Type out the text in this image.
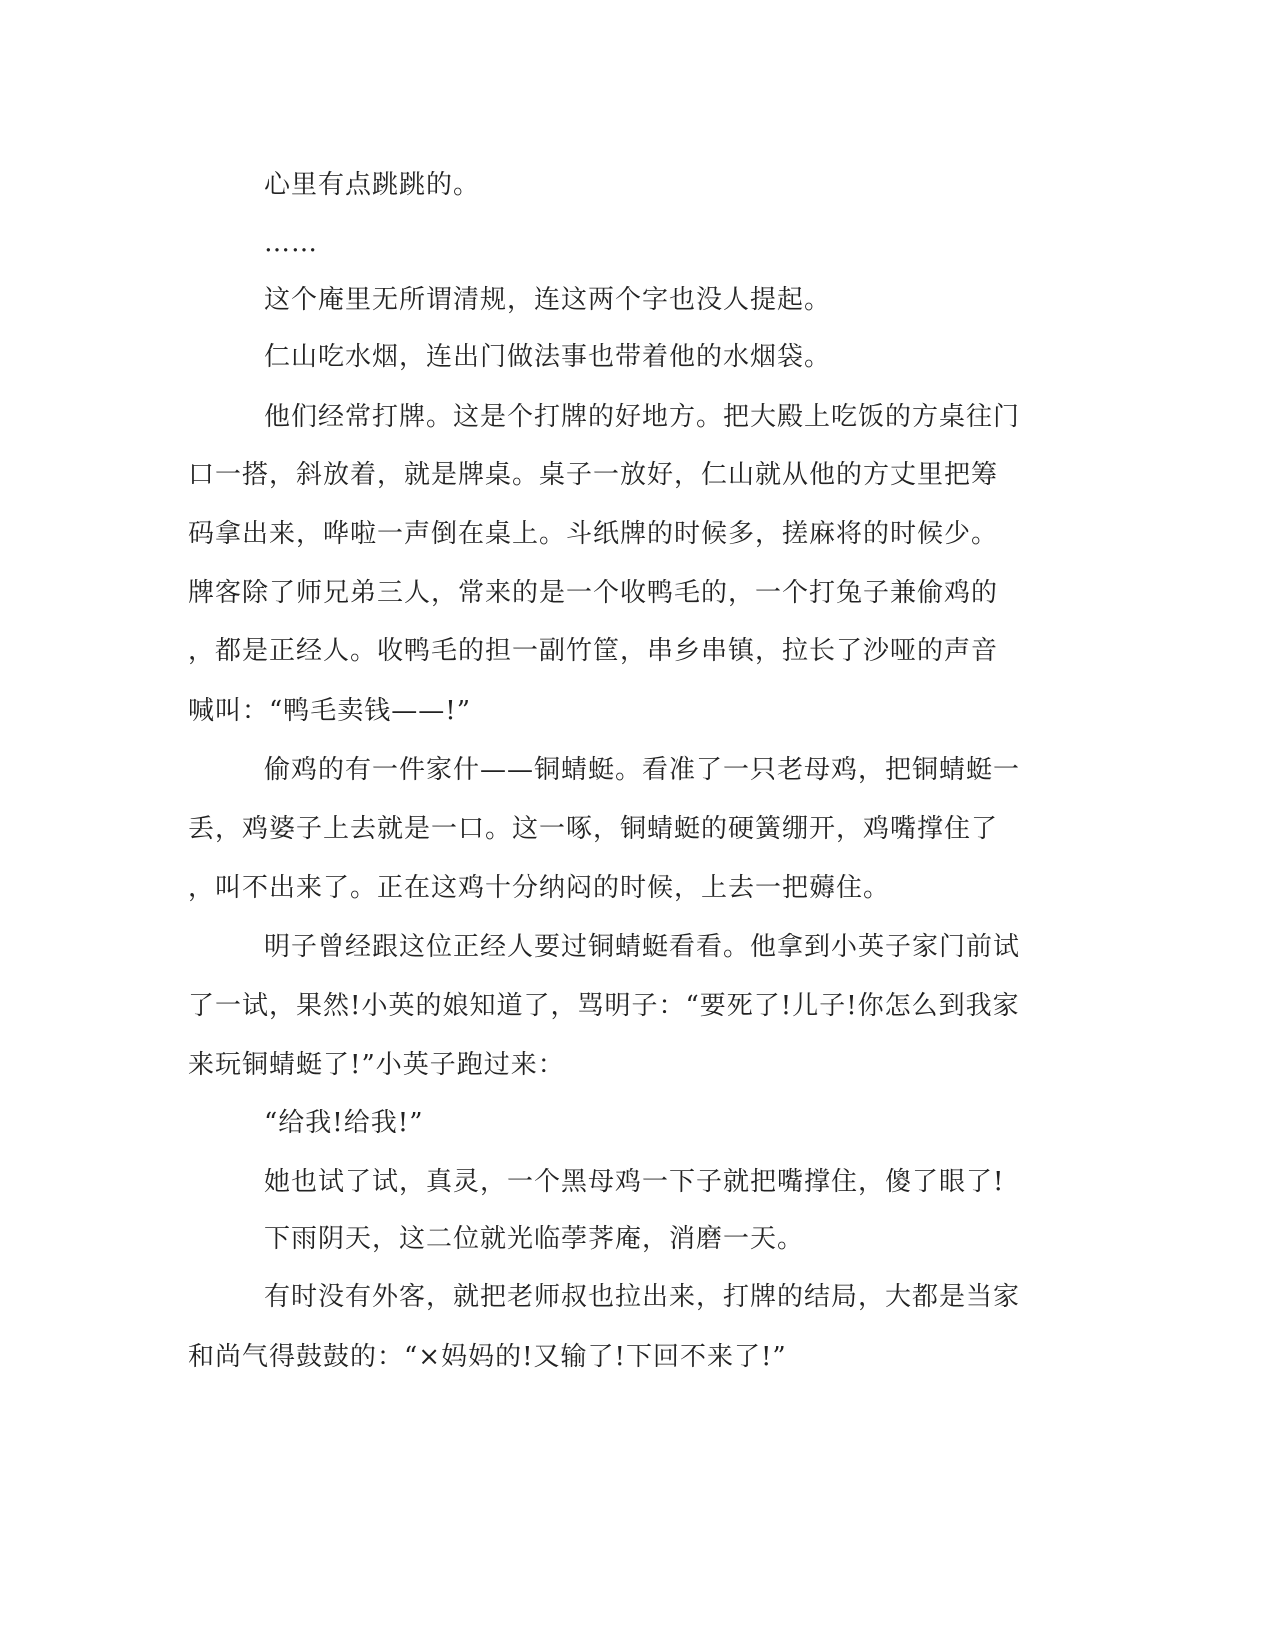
心里有点跳跳的。
……
这个庵里无所谓清规，连这两个字也没人提起。
仁山吃水烟，连出门做法事也带着他的水烟袋。
他们经常打牌。这是个打牌的好地方。把大殿上吃饭的方桌往门
口一搭，斜放着，就是牌桌。桌子一放好，仁山就从他的方丈里把筹
码拿出来，哗啦一声倒在桌上。斗纸牌的时候多，搓麻将的时候少。
牌客除了师兄弟三人，常来的是一个收鸭毛的，一个打兔子兼偷鸡的
，都是正经人。收鸭毛的担一副竹筐，串乡串镇，拉长了沙哑的声音
喊叫：“鸭毛卖钱——!”
偷鸡的有一件家什——铜蜻蜓。看准了一只老母鸡，把铜蜻蜓一
丢，鸡婆子上去就是一口。这一啄，铜蜻蜓的硬簧绷开，鸡嘴撑住了
，叫不出来了。正在这鸡十分纳闷的时候，上去一把薅住。
明子曾经跟这位正经人要过铜蜻蜓看看。他拿到小英子家门前试
了一试，果然!小英的娘知道了，骂明子：“要死了!儿子!你怎么到我家
来玩铜蜻蜓了!”小英子跑过来：
“给我!给我!”
她也试了试，真灵，一个黑母鸡一下子就把嘴撑住，傻了眼了!
下雨阴天，这二位就光临荸荠庵，消磨一天。
有时没有外客，就把老师叔也拉出来，打牌的结局，大都是当家
和尚气得鼓鼓的：“×妈妈的!又输了!下回不来了!”
